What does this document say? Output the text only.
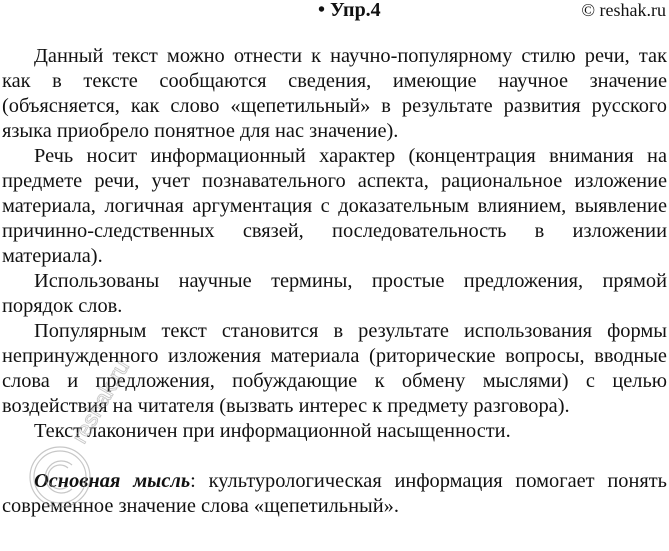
• Упр.4	© reshak.ru

Данный текст можно отнести к научно-популярному стилю речи, так как в тексте сообщаются сведения, имеющие научное значение (объясняется, как слово «щепетильный» в результате развития русского языка приобрело понятное для нас значение).

Речь носит информационный характер (концентрация внимания на предмете речи, учет познавательного аспекта, рациональное изложение материала, логичная аргументация с доказательным влиянием, выявление причинно-следственных связей, последовательность в изложении материала).

Использованы научные термины, простые предложения, прямой порядок слов.

Популярным текст становится в результате использования формы непринужденного изложения материала (риторические вопросы, вводные слова и предложения, побуждающие к обмену мыслями) с целью воздействия на читателя (вызвать интерес к предмету разговора).

Текст лаконичен при информационной насыщенности.

Основная мысль: культурологическая информация помогает понять современное значение слова «щепетильный».

reshak.ru
